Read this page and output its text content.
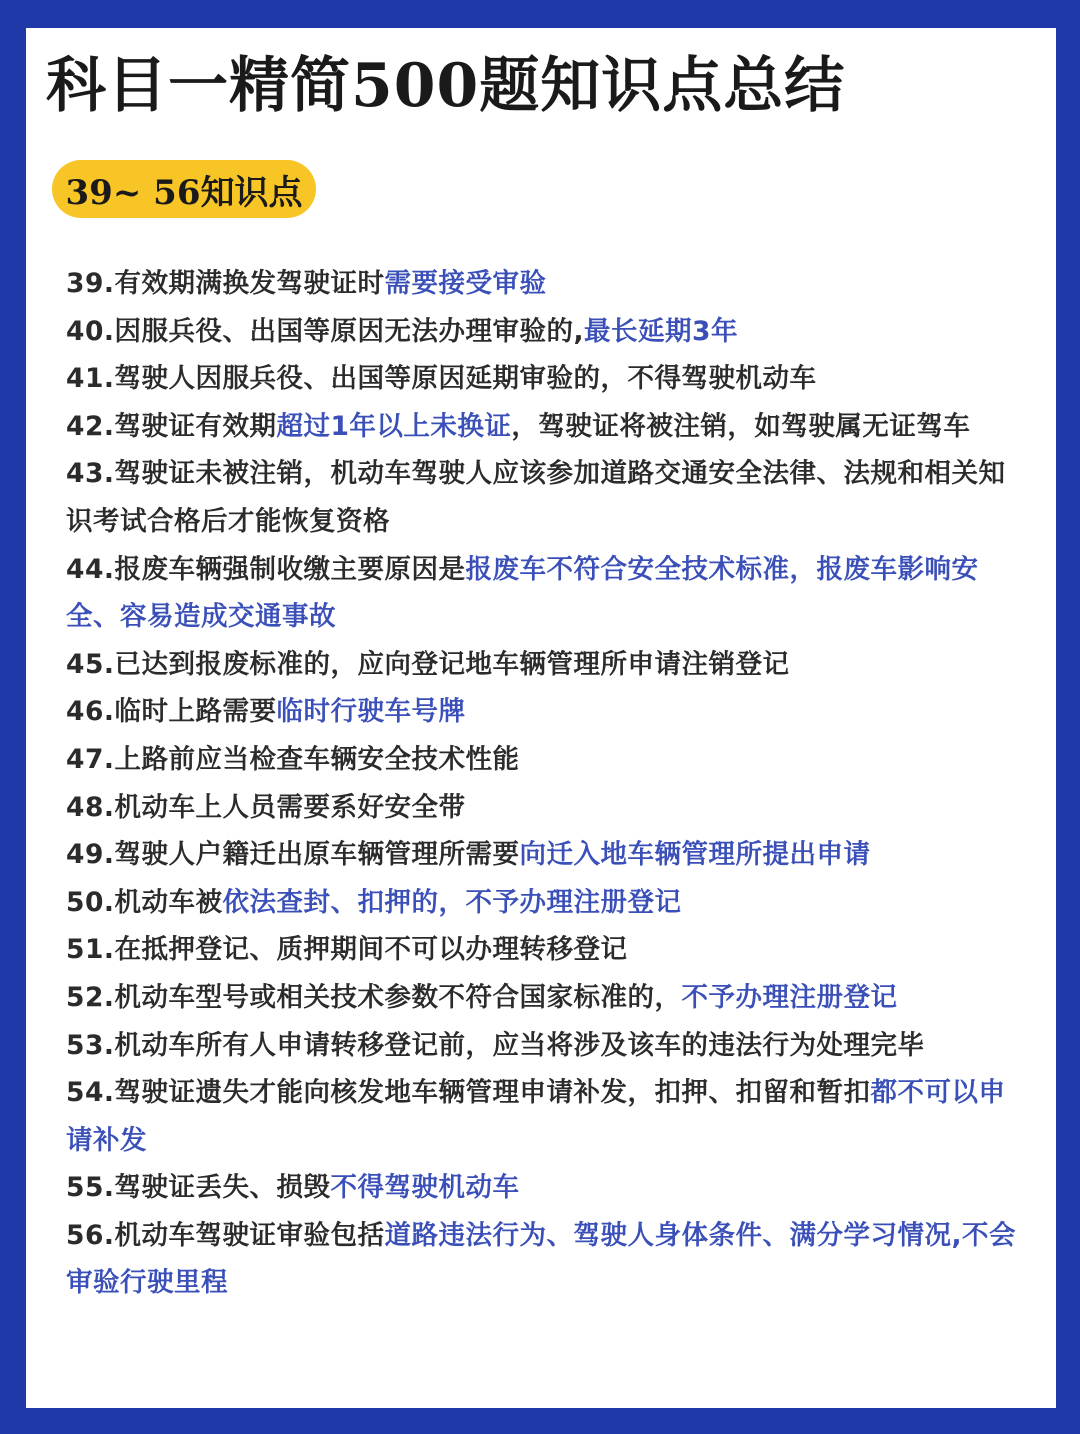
科目一精简500题知识点总结
39~ 56知识点
39.有效期满换发驾驶证时需要接受审验
40.因服兵役、出国等原因无法办理审验的,最长延期3年
41.驾驶人因服兵役、出国等原因延期审验的，不得驾驶机动车
42.驾驶证有效期超过1年以上未换证，驾驶证将被注销，如驾驶属无证驾车
43.驾驶证未被注销，机动车驾驶人应该参加道路交通安全法律、法规和相关知识考试合格后才能恢复资格
44.报废车辆强制收缴主要原因是报废车不符合安全技术标准，报废车影响安全、容易造成交通事故
45.已达到报废标准的，应向登记地车辆管理所申请注销登记
46.临时上路需要临时行驶车号牌
47.上路前应当检查车辆安全技术性能
48.机动车上人员需要系好安全带
49.驾驶人户籍迁出原车辆管理所需要向迁入地车辆管理所提出申请
50.机动车被依法查封、扣押的，不予办理注册登记
51.在抵押登记、质押期间不可以办理转移登记
52.机动车型号或相关技术参数不符合国家标准的，不予办理注册登记
53.机动车所有人申请转移登记前，应当将涉及该车的违法行为处理完毕
54.驾驶证遗失才能向核发地车辆管理申请补发，扣押、扣留和暂扣都不可以申请补发
55.驾驶证丢失、损毁不得驾驶机动车
56.机动车驾驶证审验包括道路违法行为、驾驶人身体条件、满分学习情况,不会审验行驶里程
